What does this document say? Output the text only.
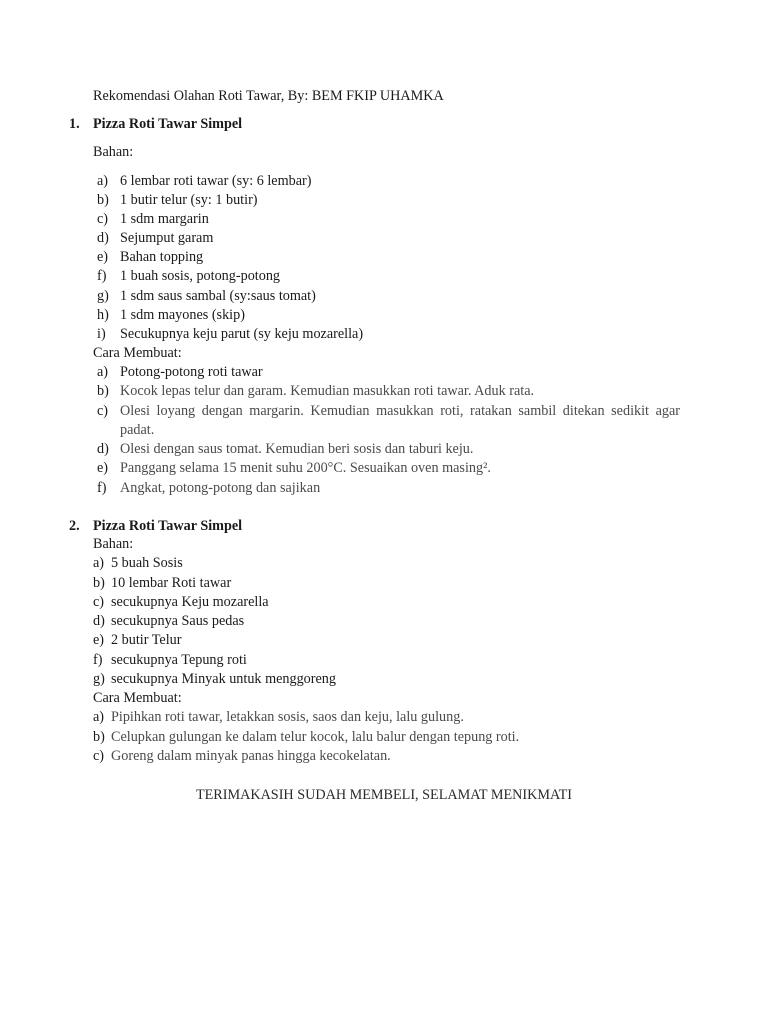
Rekomendasi Olahan Roti Tawar, By: BEM FKIP UHAMKA
1. Pizza Roti Tawar Simpel
Bahan:
a) 6 lembar roti tawar (sy: 6 lembar)
b) 1 butir telur (sy: 1 butir)
c) 1 sdm margarin
d) Sejumput garam
e) Bahan topping
f) 1 buah sosis, potong-potong
g) 1 sdm saus sambal (sy:saus tomat)
h) 1 sdm mayones (skip)
i) Secukupnya keju parut (sy keju mozarella)
Cara Membuat:
a) Potong-potong roti tawar
b) Kocok lepas telur dan garam. Kemudian masukkan roti tawar. Aduk rata.
c) Olesi loyang dengan margarin. Kemudian masukkan roti, ratakan sambil ditekan sedikit agar padat.
d) Olesi dengan saus tomat. Kemudian beri sosis dan taburi keju.
e) Panggang selama 15 menit suhu 200°C. Sesuaikan oven masing².
f) Angkat, potong-potong dan sajikan
2. Pizza Roti Tawar Simpel
Bahan:
a) 5 buah Sosis
b) 10 lembar Roti tawar
c) secukupnya Keju mozarella
d) secukupnya Saus pedas
e) 2 butir Telur
f) secukupnya Tepung roti
g) secukupnya Minyak untuk menggoreng
Cara Membuat:
a) Pipihkan roti tawar, letakkan sosis, saos dan keju, lalu gulung.
b) Celupkan gulungan ke dalam telur kocok, lalu balur dengan tepung roti.
c) Goreng dalam minyak panas hingga kecokelatan.
TERIMAKASIH SUDAH MEMBELI, SELAMAT MENIKMATI
